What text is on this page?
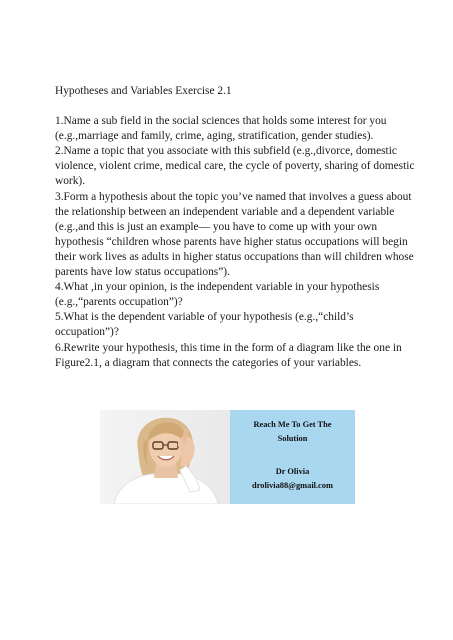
Hypotheses and Variables Exercise 2.1

1.Name a sub field in the social sciences that holds some interest for you (e.g.,marriage and family, crime, aging, stratification, gender studies).

2.Name a topic that you associate with this subfield (e.g.,divorce, domestic violence, violent crime, medical care, the cycle of poverty, sharing of domestic work).

3.Form a hypothesis about the topic you’ve named that involves a guess about the relationship between an independent variable and a dependent variable (e.g.,and this is just an example— you have to come up with your own hypothesis “children whose parents have higher status occupations will begin their work lives as adults in higher status occupations than will children whose parents have low status occupations”).

4.What ,in your opinion, is the independent variable in your hypothesis (e.g.,“parents occupation”)?

5.What is the dependent variable of your hypothesis (e.g.,“child’s occupation”)?

6.Rewrite your hypothesis, this time in the form of a diagram like the one in Figure2.1, a diagram that connects the categories of your variables.

Reach Me To Get The
Solution
Dr Olivia
drolivia88@gmail.com
